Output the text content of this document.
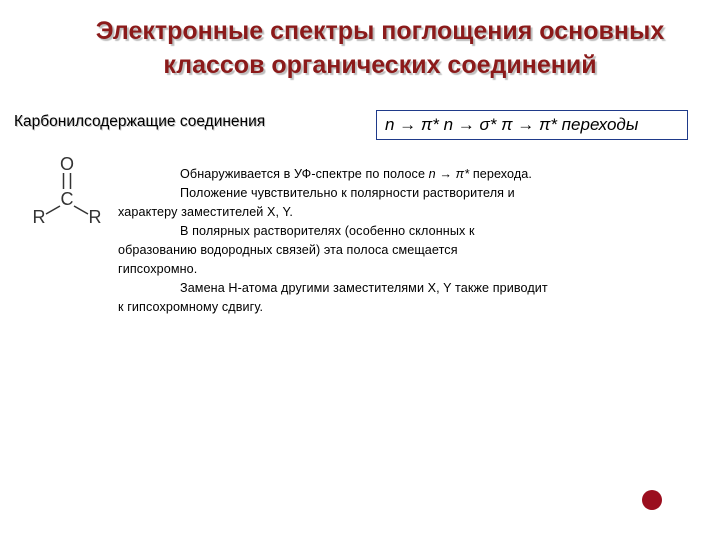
Электронные спектры поглощения основных
классов органических соединений
Карбонилсодержащие соединения	n → π* n → σ* π → π* переходы
O
C
R R
Обнаруживается в УФ-спектре по полосе n → π* перехода.
Положение чувствительно к полярности растворителя и
характеру заместителей X, Y.
В полярных растворителях (особенно склонных к
образованию водородных связей) эта полоса смещается
гипсохромно.
Замена Н-атома другими заместителями X, Y также приводит
к гипсохромному сдвигу.
